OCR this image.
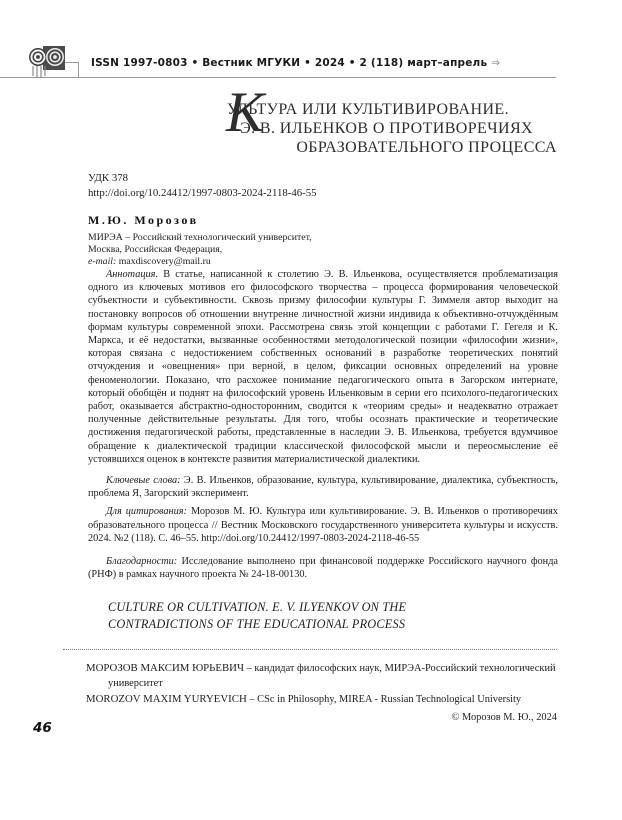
ISSN 1997-0803 • Вестник МГУКИ • 2024 • 2 (118) март–апрель ⇒
К
УЛЬТУРА ИЛИ КУЛЬТИВИРОВАНИЕ.
Э. В. ИЛЬЕНКОВ О ПРОТИВОРЕЧИЯХ
ОБРАЗОВАТЕЛЬНОГО ПРОЦЕССА
УДК 378
http://doi.org/10.24412/1997-0803-2024-2118-46-55
М.Ю. Морозов
МИРЭА – Российский технологический университет,
Москва, Российская Федерация,
e-mail: maxdiscovery@mail.ru

Аннотация. В статье, написанной к столетию Э. В. Ильенкова, осуществляется проблематизация одного из ключевых мотивов его философского творчества – процесса формирования человеческой субъектности и субъективности. Сквозь призму философии культуры Г. Зиммеля автор выходит на постановку вопросов об отношении внутренне личностной жизни индивида к объективно-отчуждённым формам культуры современной эпохи. Рассмотрена связь этой концепции с работами Г. Гегеля и К. Маркса, и её недостатки, вызванные особенностями методологической позиции «философии жизни», которая связана с недостижением собственных оснований в разработке теоретических понятий отчуждения и «овещнения» при верной, в целом, фиксации основных определений на уровне феноменологии. Показано, что расхожее понимание педагогического опыта в Загорском интернате, который обобщён и поднят на философский уровень Ильенковым в серии его психолого-педагогических работ, оказывается абстрактно-односторонним, сводится к «теориям среды» и неадекватно отражает полученные действительные результаты. Для того, чтобы осознать практические и теоретические достижения педагогической работы, представленные в наследии Э. В. Ильенкова, требуется вдумчивое обращение к диалектической традиции классической философской мысли и переосмысление её устоявшихся оценок в контексте развития материалистической диалектики.

Ключевые слова: Э. В. Ильенков, образование, культура, культивирование, диалектика, субъектность, проблема Я, Загорский эксперимент.

Для цитирования: Морозов М. Ю. Культура или культивирование. Э. В. Ильенков о противоречиях образовательного процесса // Вестник Московского государственного университета культуры и искусств. 2024. №2 (118). С. 46–55. http://doi.org/10.24412/1997-0803-2024-2118-46-55

Благодарности: Исследование выполнено при финансовой поддержке Российского научного фонда (РНФ) в рамках научного проекта № 24-18-00130.

CULTURE OR CULTIVATION. E. V. ILYENKOV ON THE CONTRADICTIONS OF THE EDUCATIONAL PROCESS

МОРОЗОВ МАКСИМ ЮРЬЕВИЧ – кандидат философских наук, МИРЭА-Российский технологический университет

MOROZOV MAXIM YURYEVICH – CSc in Philosophy, MIREA - Russian Technological University

© Морозов М. Ю., 2024
46
